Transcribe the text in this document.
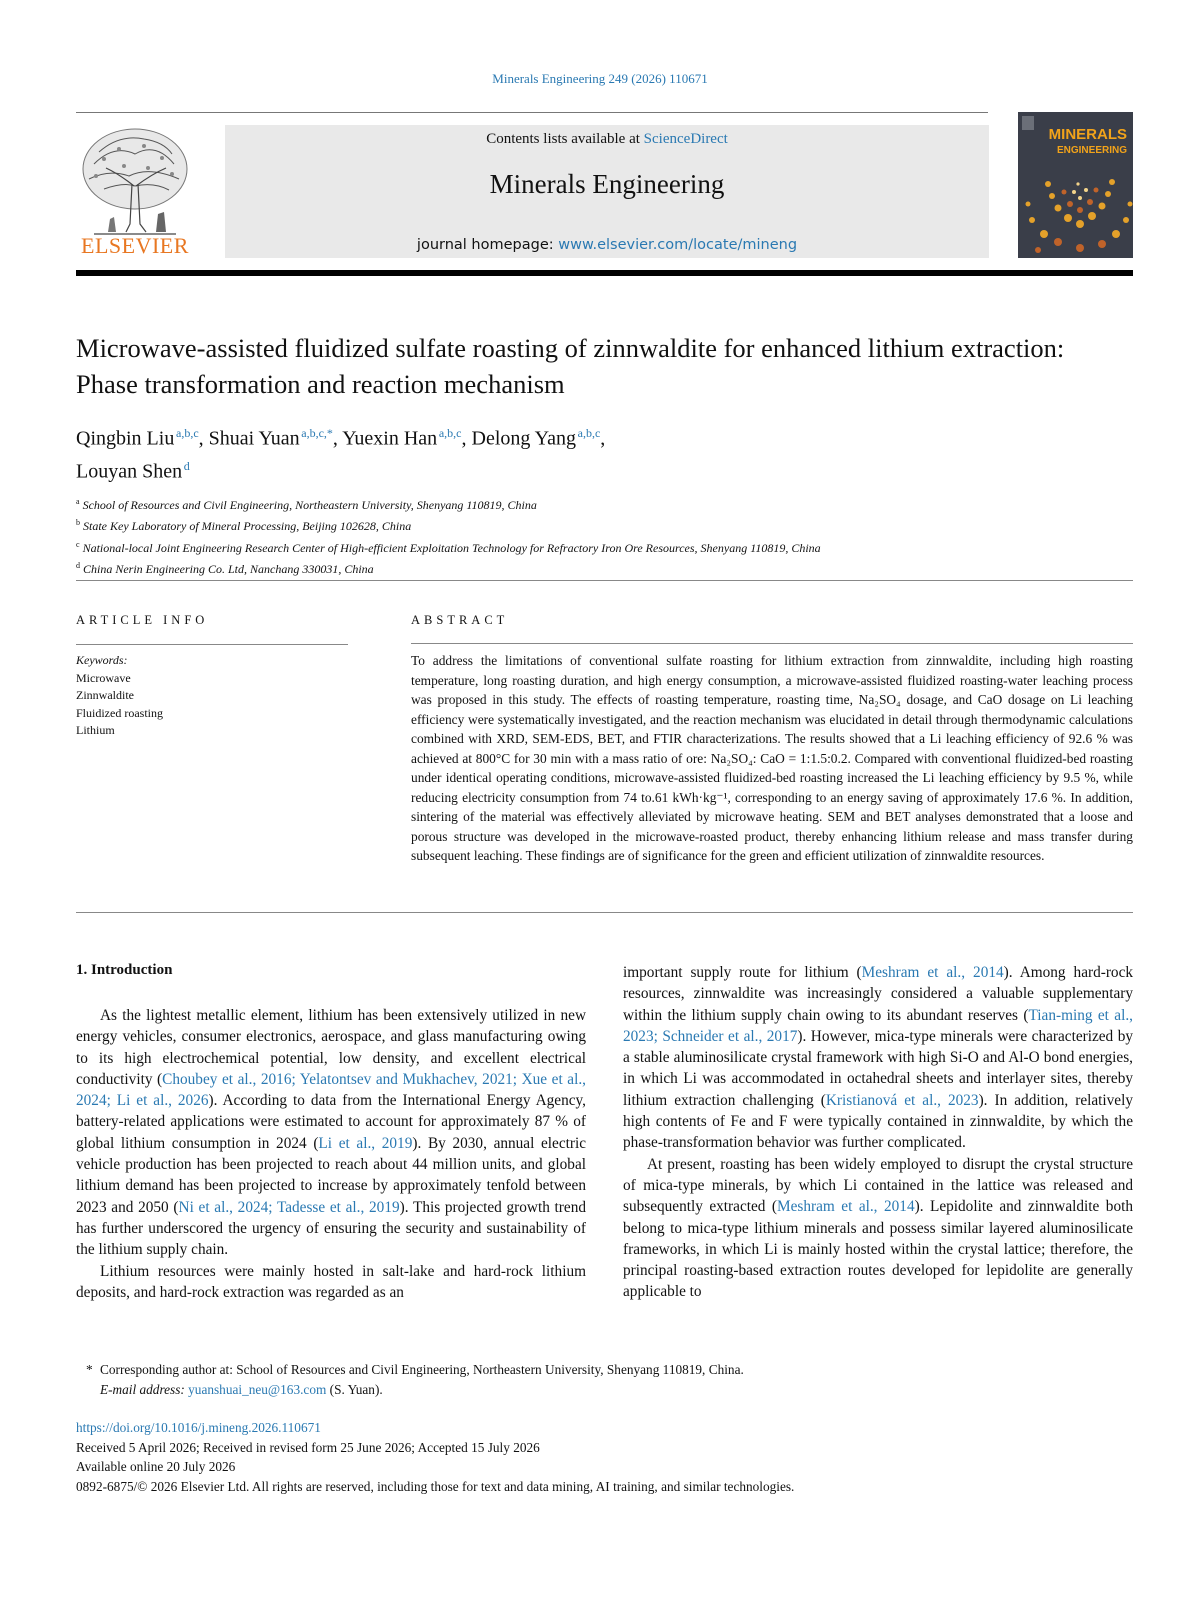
Minerals Engineering 249 (2026) 110671
ELSEVIER
Contents lists available at ScienceDirect
Minerals Engineering
journal homepage: www.elsevier.com/locate/mineng
MINERALS
ENGINEERING
Microwave-assisted fluidized sulfate roasting of zinnwaldite for enhanced lithium extraction: Phase transformation and reaction mechanism
Qingbin Liu  $^{a,b,c}$, Shuai Yuan  $^{a,b,c,*}$, Yuexin Han  $^{a,b,c}$, Delong Yang  $^{a,b,c}$,
Louyan Shen  $^d$
$^a$ School of Resources and Civil Engineering, Northeastern University, Shenyang 110819, China
$^b$ State Key Laboratory of Mineral Processing, Beijing 102628, China
$^c$ National-local Joint Engineering Research Center of High-efficient Exploitation Technology for Refractory Iron Ore Resources, Shenyang 110819, China
$^d$ China Nerin Engineering Co. Ltd, Nanchang 330031, China
ARTICLE INFO	ABSTRACT
Keywords:
Microwave
Zinnwaldite
Fluidized roasting
Lithium

To address the limitations of conventional sulfate roasting for lithium extraction from zinnwaldite, including high roasting temperature, long roasting duration, and high energy consumption, a microwave-assisted fluidized roasting-water leaching process was proposed in this study. The effects of roasting temperature, roasting time, Na₂SO₄ dosage, and CaO dosage on Li leaching efficiency were systematically investigated, and the reaction mechanism was elucidated in detail through thermodynamic calculations combined with XRD, SEM-EDS, BET, and FTIR characterizations. The results showed that a Li leaching efficiency of 92.6 % was achieved at 800°C for 30 min with a mass ratio of ore: Na₂SO₄: CaO = 1:1.5:0.2. Compared with conventional fluidized-bed roasting under identical operating conditions, microwave-assisted fluidized-bed roasting increased the Li leaching efficiency by 9.5 %, while reducing electricity consumption from 74 to.61 kWh·kg⁻¹, corresponding to an energy saving of approximately 17.6 %. In addition, sintering of the material was effectively alleviated by microwave heating. SEM and BET analyses demonstrated that a loose and porous structure was developed in the microwave-roasted product, thereby enhancing lithium release and mass transfer during subsequent leaching. These findings are of significance for the green and efficient utilization of zinnwaldite resources.

1. Introduction

As the lightest metallic element, lithium has been extensively utilized in new energy vehicles, consumer electronics, aerospace, and glass manufacturing owing to its high electrochemical potential, low density, and excellent electrical conductivity (Choubey et al., 2016; Yelatontsev and Mukhachev, 2021; Xue et al., 2024; Li et al., 2026). According to data from the International Energy Agency, battery-related applications were estimated to account for approximately 87 % of global lithium consumption in 2024 (Li et al., 2019). By 2030, annual electric vehicle production has been projected to reach about 44 million units, and global lithium demand has been projected to increase by approximately tenfold between 2023 and 2050 (Ni et al., 2024; Tadesse et al., 2019). This projected growth trend has further underscored the urgency of ensuring the security and sustainability of the lithium supply chain.

Lithium resources were mainly hosted in salt-lake and hard-rock lithium deposits, and hard-rock extraction was regarded as an

important supply route for lithium (Meshram et al., 2014). Among hard-rock resources, zinnwaldite was increasingly considered a valuable supplementary within the lithium supply chain owing to its abundant reserves (Tian-ming et al., 2023; Schneider et al., 2017). However, mica-type minerals were characterized by a stable aluminosilicate crystal framework with high Si-O and Al-O bond energies, in which Li was accommodated in octahedral sheets and interlayer sites, thereby lithium extraction challenging (Kristianová et al., 2023). In addition, relatively high contents of Fe and F were typically contained in zinnwaldite, by which the phase-transformation behavior was further complicated.

At present, roasting has been widely employed to disrupt the crystal structure of mica-type minerals, by which Li contained in the lattice was released and subsequently extracted (Meshram et al., 2014). Lepidolite and zinnwaldite both belong to mica-type lithium minerals and possess similar layered aluminosilicate frameworks, in which Li is mainly hosted within the crystal lattice; therefore, the principal roasting-based extraction routes developed for lepidolite are generally applicable to

* Corresponding author at: School of Resources and Civil Engineering, Northeastern University, Shenyang 110819, China.
E-mail address: yuanshuai_neu@163.com (S. Yuan).
https://doi.org/10.1016/j.mineng.2026.110671
Received 5 April 2026; Received in revised form 25 June 2026; Accepted 15 July 2026
Available online 20 July 2026
0892-6875/© 2026 Elsevier Ltd. All rights are reserved, including those for text and data mining, AI training, and similar technologies.
